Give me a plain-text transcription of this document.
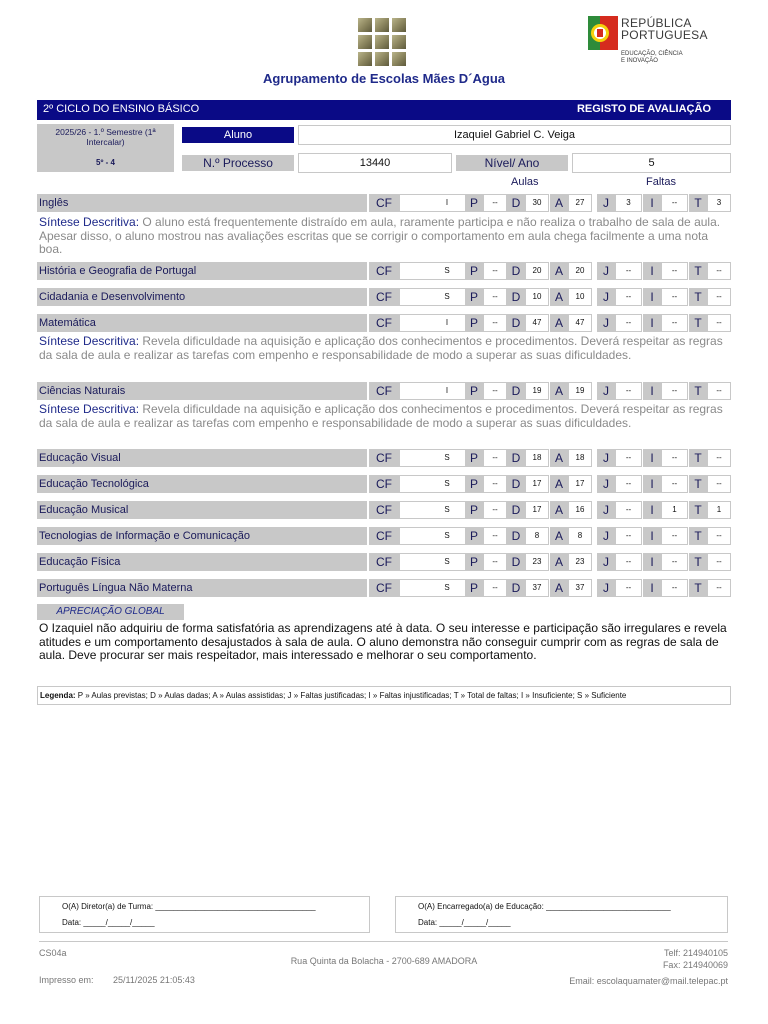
Agrupamento de Escolas Mães D´Agua
REPÚBLICA
PORTUGUESA
EDUCAÇÃO, CIÊNCIA
E INOVAÇÃO
2º CICLO DO ENSINO BÁSICO	REGISTO DE AVALIAÇÃO
2025/26 - 1.º Semestre (1ª Intercalar)
5º - 4
Aluno	Izaquiel Gabriel C. Veiga
N.º Processo	13440	Nível/ Ano	5
Aulas	Faltas
Inglês	CF	I	P	--	D	30	A	27	J	3	I	--	T	3
Síntese Descritiva: O aluno está frequentemente distraído em aula, raramente participa e não realiza o trabalho de sala de aula. Apesar disso, o aluno mostrou nas avaliações escritas que se corrigir o comportamento em aula chega facilmente a uma nota boa.
História e Geografia de Portugal	CF	S	P	--	D	20	A	20	J	--	I	--	T	--
Cidadania e Desenvolvimento	CF	S	P	--	D	10	A	10	J	--	I	--	T	--
Matemática	CF	I	P	--	D	47	A	47	J	--	I	--	T	--
Síntese Descritiva: Revela dificuldade na aquisição e aplicação dos conhecimentos e procedimentos. Deverá respeitar as regras da sala de aula e realizar as tarefas com empenho e responsabilidade de modo a superar as suas dificuldades.
Ciências Naturais	CF	I	P	--	D	19	A	19	J	--	I	--	T	--
Síntese Descritiva: Revela dificuldade na aquisição e aplicação dos conhecimentos e procedimentos. Deverá respeitar as regras da sala de aula e realizar as tarefas com empenho e responsabilidade de modo a superar as suas dificuldades.
Educação Visual	CF	S	P	--	D	18	A	18	J	--	I	--	T	--
Educação Tecnológica	CF	S	P	--	D	17	A	17	J	--	I	--	T	--
Educação Musical	CF	S	P	--	D	17	A	16	J	--	I	1	T	1
Tecnologias de Informação e Comunicação	CF	S	P	--	D	8	A	8	J	--	I	--	T	--
Educação Física	CF	S	P	--	D	23	A	23	J	--	I	--	T	--
Português Língua Não Materna	CF	S	P	--	D	37	A	37	J	--	I	--	T	--
APRECIAÇÃO GLOBAL
O Izaquiel não adquiriu de forma satisfatória as aprendizagens até à data. O seu interesse e participação são irregulares e revela atitudes e um comportamento desajustados à sala de aula. O aluno demonstra não conseguir cumprir com as regras de sala de aula. Deve procurar ser mais respeitador, mais interessado e melhorar o seu comportamento.
Legenda: P » Aulas previstas; D » Aulas dadas; A » Aulas assistidas; J » Faltas justificadas; I » Faltas injustificadas; T » Total de faltas; I » Insuficiente; S » Suficiente
O(A) Diretor(a) de Turma: ____________________________________
Data: _____/_____/_____
O(A) Encarregado(a) de Educação: ____________________________
Data: _____/_____/_____
CS04a
Rua Quinta da Bolacha - 2700-689 AMADORA
Impresso em: 25/11/2025 21:05:43
Telf: 214940105
Fax: 214940069
Email: escolaquamater@mail.telepac.pt
